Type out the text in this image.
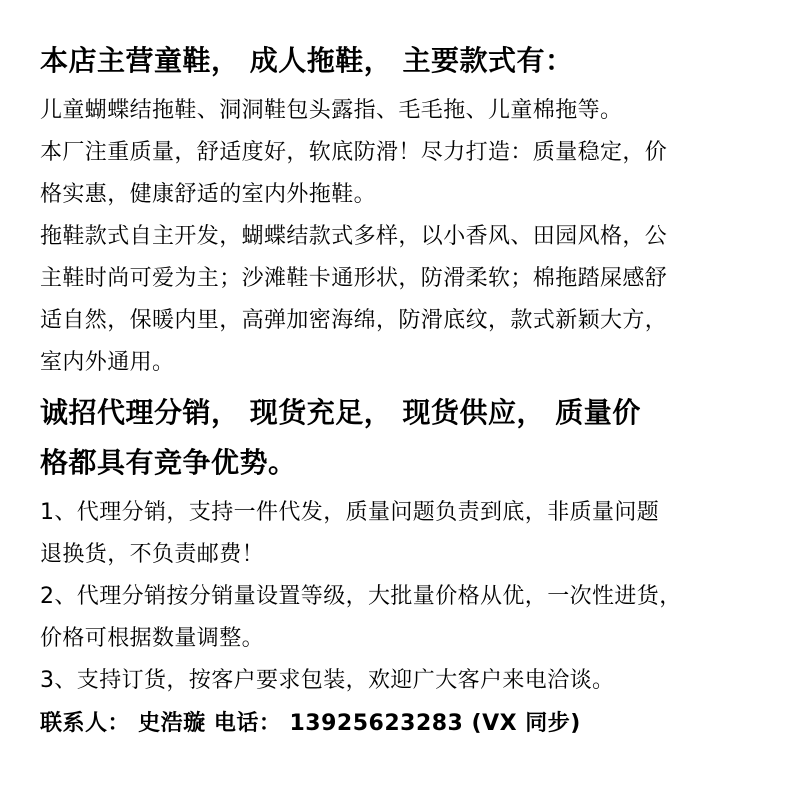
本店主营童鞋， 成人拖鞋， 主要款式有：

儿童蝴蝶结拖鞋、洞洞鞋包头露指、毛毛拖、儿童棉拖等。

本厂注重质量，舒适度好，软底防滑！尽力打造：质量稳定，价

格实惠，健康舒适的室内外拖鞋。

拖鞋款式自主开发，蝴蝶结款式多样，以小香风、田园风格，公

主鞋时尚可爱为主；沙滩鞋卡通形状，防滑柔软；棉拖踏屎感舒

适自然，保暖内里，高弹加密海绵，防滑底纹，款式新颖大方，

室内外通用。

诚招代理分销， 现货充足， 现货供应， 质量价

格都具有竞争优势。

1、代理分销，支持一件代发，质量问题负责到底，非质量问题

退换货，不负责邮费！

2、代理分销按分销量设置等级，大批量价格从优，一次性进货，

价格可根据数量调整。

3、支持订货，按客户要求包装，欢迎广大客户来电洽谈。

联系人： 史浩璇 电话： 13925623283 (VX 同步)
